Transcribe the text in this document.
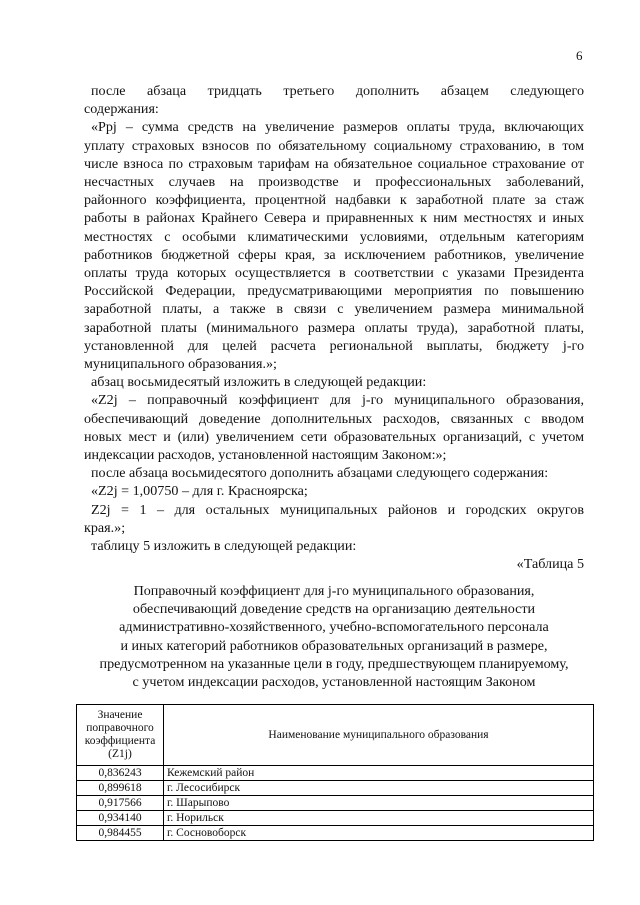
6

после абзаца тридцать третьего дополнить абзацем следующего

содержания:

«Ppj – сумма средств на увеличение размеров оплаты труда, включающих

уплату страховых взносов по обязательному социальному страхованию, в том

числе взноса по страховым тарифам на обязательное социальное страхование от

несчастных случаев на производстве и профессиональных заболеваний,

районного коэффициента, процентной надбавки к заработной плате за стаж

работы в районах Крайнего Севера и приравненных к ним местностях и иных

местностях с особыми климатическими условиями, отдельным категориям

работников бюджетной сферы края, за исключением работников, увеличение

оплаты труда которых осуществляется в соответствии с указами Президента

Российской Федерации, предусматривающими мероприятия по повышению

заработной платы, а также в связи с увеличением размера минимальной

заработной платы (минимального размера оплаты труда), заработной платы,

установленной для целей расчета региональной выплаты, бюджету j-го

муниципального образования.»;

абзац восьмидесятый изложить в следующей редакции:

«Z2j – поправочный коэффициент для j-го муниципального образования,

обеспечивающий доведение дополнительных расходов, связанных с вводом

новых мест и (или) увеличением сети образовательных организаций, с учетом

индексации расходов, установленной настоящим Законом:»;

после абзаца восьмидесятого дополнить абзацами следующего содержания:

«Z2j = 1,00750 – для г. Красноярска;

Z2j = 1 – для остальных муниципальных районов и городских округов

края.»;

таблицу 5 изложить в следующей редакции:

«Таблица 5

Поправочный коэффициент для j-го муниципального образования,
обеспечивающий доведение средств на организацию деятельности
административно-хозяйственного, учебно-вспомогательного персонала
и иных категорий работников образовательных организаций в размере,
предусмотренном на указанные цели в году, предшествующем планируемому,
с учетом индексации расходов, установленной настоящим Законом
Значение
поправочного
коэффициента
(Z1j)	Наименование муниципального образования
0,836243	Кежемский район
0,899618	г. Лесосибирск
0,917566	г. Шарыпово
0,934140	г. Норильск
0,984455	г. Сосновоборск
